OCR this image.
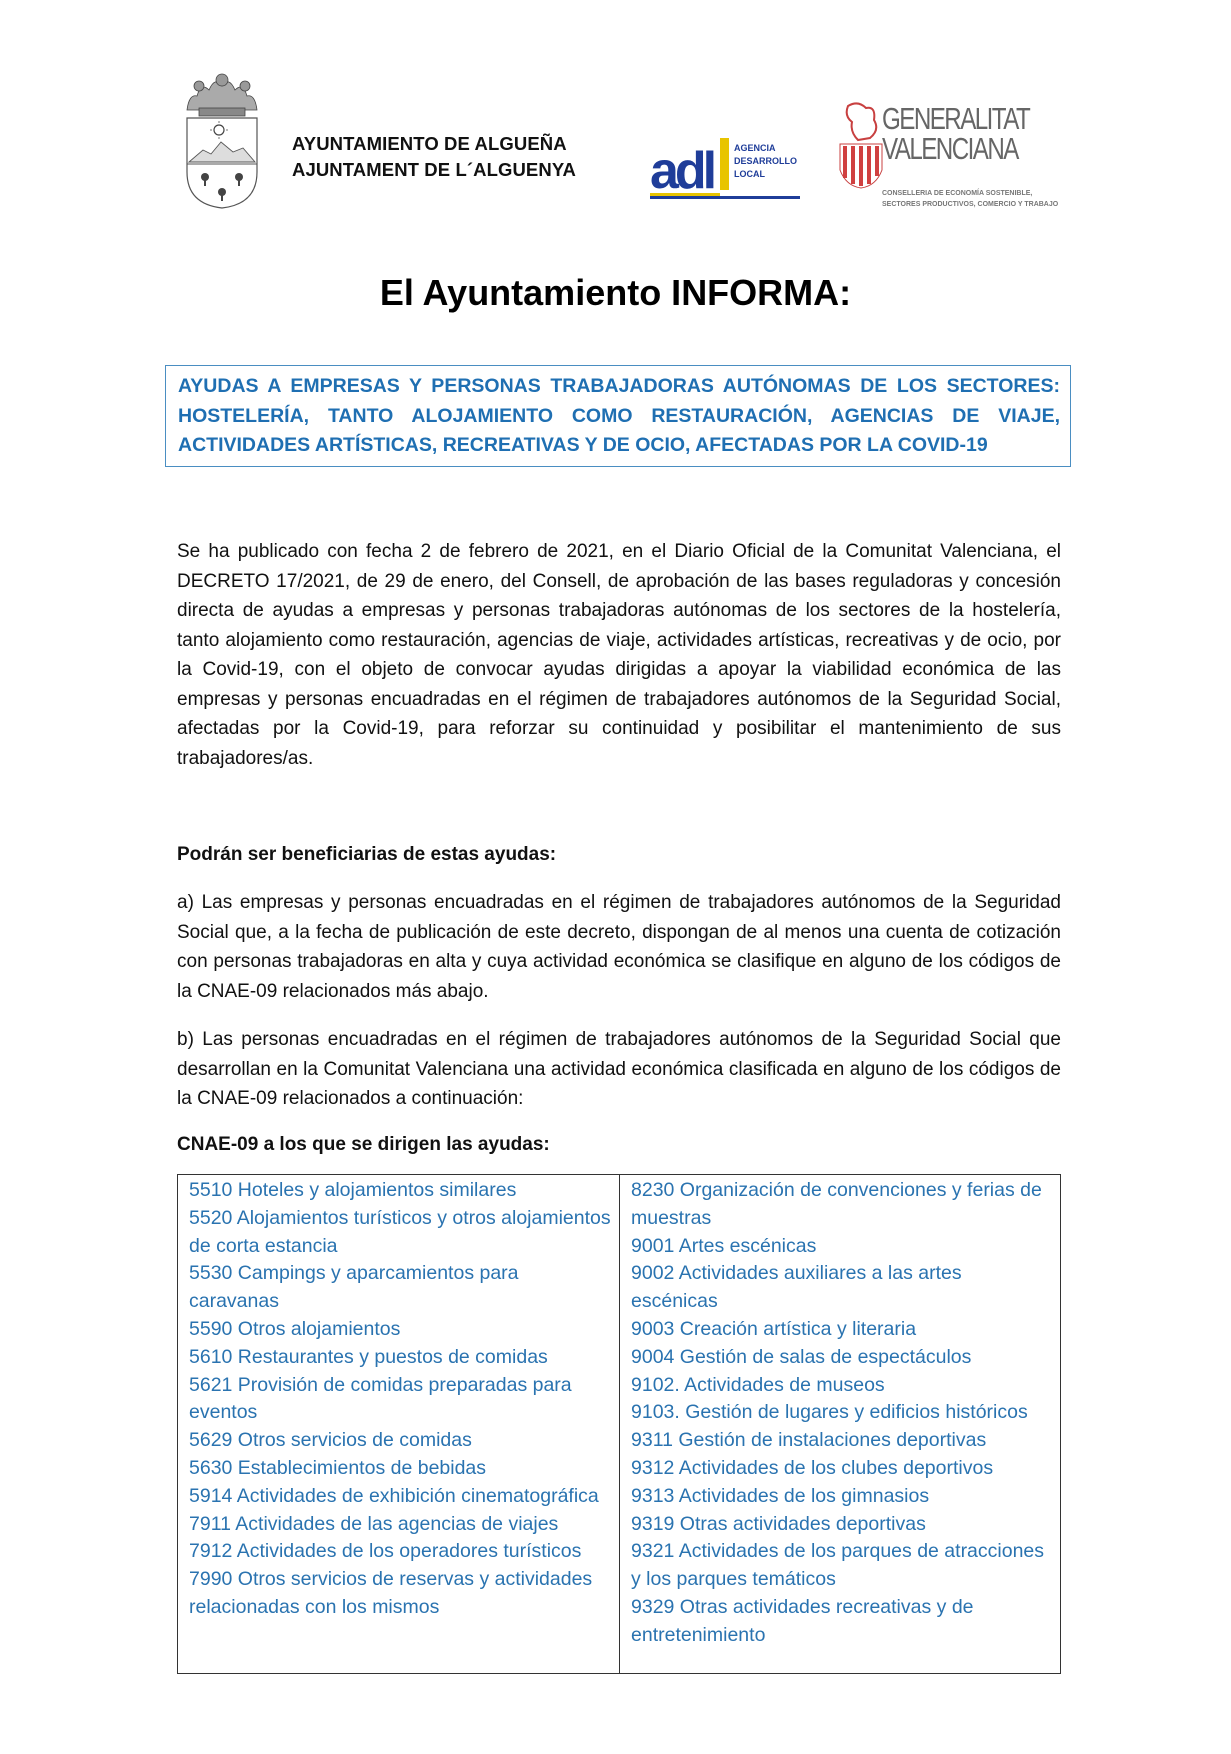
AYUNTAMIENTO DE ALGUEÑA
AJUNTAMENT DE L´ALGUENYA adl AGENCIA
DESARROLLO
LOCAL
GENERALITAT
VALENCIANA
CONSELLERIA DE ECONOMÍA SOSTENIBLE,
SECTORES PRODUCTIVOS, COMERCIO Y TRABAJO
El Ayuntamiento INFORMA:

AYUDAS A EMPRESAS Y PERSONAS TRABAJADORAS AUTÓNOMAS DE LOS SECTORES:

HOSTELERÍA, TANTO ALOJAMIENTO COMO RESTAURACIÓN, AGENCIAS DE VIAJE,

ACTIVIDADES ARTÍSTICAS, RECREATIVAS Y DE OCIO, AFECTADAS POR LA COVID-19

Se ha publicado con fecha 2 de febrero de 2021, en el Diario Oficial de la Comunitat Valenciana, el DECRETO 17/2021, de 29 de enero, del Consell, de aprobación de las bases reguladoras y concesión directa de ayudas a empresas y personas trabajadoras autónomas de los sectores de la hostelería, tanto alojamiento como restauración, agencias de viaje, actividades artísticas, recreativas y de ocio, por la Covid-19, con el objeto de convocar ayudas dirigidas a apoyar la viabilidad económica de las empresas y personas encuadradas en el régimen de trabajadores autónomos de la Seguridad Social, afectadas por la Covid-19, para reforzar su continuidad y posibilitar el mantenimiento de sus trabajadores/as.

Podrán ser beneficiarias de estas ayudas:

a) Las empresas y personas encuadradas en el régimen de trabajadores autónomos de la Seguridad Social que, a la fecha de publicación de este decreto, dispongan de al menos una cuenta de cotización con personas trabajadoras en alta y cuya actividad económica se clasifique en alguno de los códigos de la CNAE-09 relacionados más abajo.

b) Las personas encuadradas en el régimen de trabajadores autónomos de la Seguridad Social que desarrollan en la Comunitat Valenciana una actividad económica clasificada en alguno de los códigos de la CNAE-09 relacionados a continuación:

CNAE-09 a los que se dirigen las ayudas:
5510 Hoteles y alojamientos similares
5520 Alojamientos turísticos y otros alojamientos de corta estancia
5530 Campings y aparcamientos para caravanas
5590 Otros alojamientos
5610 Restaurantes y puestos de comidas
5621 Provisión de comidas preparadas para eventos
5629 Otros servicios de comidas
5630 Establecimientos de bebidas
5914 Actividades de exhibición cinematográfica
7911 Actividades de las agencias de viajes
7912 Actividades de los operadores turísticos
7990 Otros servicios de reservas y actividades relacionadas con los mismos
8230 Organización de convenciones y ferias de muestras
9001 Artes escénicas
9002 Actividades auxiliares a las artes escénicas
9003 Creación artística y literaria
9004 Gestión de salas de espectáculos
9102. Actividades de museos
9103. Gestión de lugares y edificios históricos
9311 Gestión de instalaciones deportivas
9312 Actividades de los clubes deportivos
9313 Actividades de los gimnasios
9319 Otras actividades deportivas
9321 Actividades de los parques de atracciones y los parques temáticos
9329 Otras actividades recreativas y de entretenimiento
